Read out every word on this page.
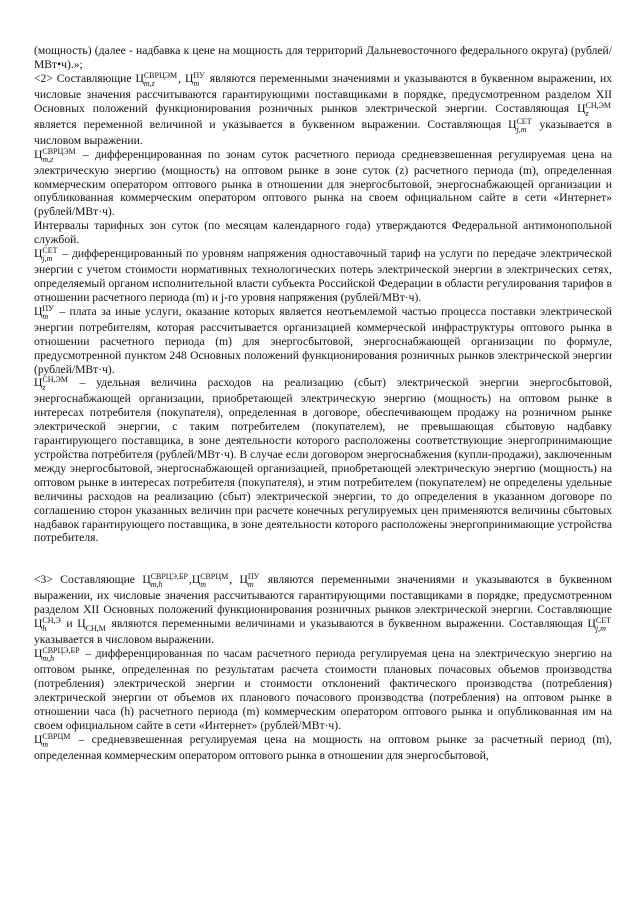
(мощность) (далее - надбавка к цене на мощность для территорий Дальневосточного федерального округа) (рублей/МВт•ч).»;
<2> Составляющие Ц СВРЦЭМ
m,z	, Ц ПУ
m являются переменными значениями и указываются в буквенном выражении, их числовые значения рассчитываются гарантирующими поставщиками в порядке, предусмотренном разделом XII Основных положений функционирования розничных рынков электрической энергии. Составляющая Ц СН,ЭМ
z
является переменной величиной и указывается в буквенном выражении. Составляющая Ц СЕТ
j,m указывается в числовом выражении.
Ц СВРЦЭМ
m,z	– дифференцированная по зонам суток расчетного периода средневзвешенная регулируемая цена на электрическую энергию (мощность) на оптовом рынке в зоне суток (z) расчетного периода (m), определенная коммерческим оператором оптового рынка в отношении для энергосбытовой, энергоснабжающей организации и опубликованная коммерческим оператором оптового рынка на своем официальном сайте в сети «Интернет» (рублей/МВт·ч).
Интервалы тарифных зон суток (по месяцам календарного года) утверждаются Федеральной антимонопольной службой.
Ц СЕТ
j,m – дифференцированный по уровням напряжения одноставочный тариф на услуги по передаче электрической энергии с учетом стоимости нормативных технологических потерь электрической энергии в электрических сетях, определяемый органом исполнительной власти субъекта Российской Федерации в области регулирования тарифов в отношении расчетного периода (m) и j-го уровня напряжения (рублей/МВт·ч).
Ц ПУ
m – плата за иные услуги, оказание которых является неотъемлемой частью процесса поставки электрической энергии потребителям, которая рассчитывается организацией коммерческой инфраструктуры оптового рынка в отношении расчетного периода (m) для энергосбытовой, энергоснабжающей организации по формуле, предусмотренной пунктом 248 Основных положений функционирования розничных рынков электрической энергии (рублей/МВт·ч).
Ц СН,ЭМ
z	– удельная величина расходов на реализацию (сбыт) электрической энергии энергосбытовой, энергоснабжающей организации, приобретающей электрическую энергию (мощность) на оптовом рынке в интересах потребителя (покупателя), определенная в договоре, обеспечивающем продажу на розничном рынке электрической энергии, с таким потребителем (покупателем), не превышающая сбытовую надбавку гарантирующего поставщика, в зоне деятельности которого расположены соответствующие энергопринимающие устройства потребителя (рублей/МВт·ч). В случае если договором энергоснабжения (купли-продажи), заключенным между энергосбытовой, энергоснабжающей организацией, приобретающей электрическую энергию (мощность) на оптовом рынке в интересах потребителя (покупателя), и этим потребителем (покупателем) не определены удельные величины расходов на реализацию (сбыт) электрической энергии, то до определения в указанном договоре по соглашению сторон указанных величин при расчете конечных регулируемых цен применяются величины сбытовых надбавок гарантирующего поставщика, в зоне деятельности которого расположены энергопринимающие устройства потребителя.
<3> Составляющие Ц СВРЦЭ,БР
m,h	,Ц СВРЦМ
m	, Ц ПУ
m являются переменными значениями и указываются в буквенном выражении, их числовые значения рассчитываются гарантирующими поставщиками в порядке, предусмотренном разделом XII Основных положений функционирования розничных рынков электрической энергии. Составляющие Ц СН,Э
h	и Ц СН,М являются переменными величинами и указываются в буквенном выражении. Составляющая Ц СЕТ
j,m
указывается в числовом выражении.
Ц СВРЦЭ,БР
m,h	– дифференцированная по часам расчетного периода регулируемая цена на электрическую энергию на оптовом рынке, определенная по результатам расчета стоимости плановых почасовых объемов производства (потребления) электрической энергии и стоимости отклонений фактического производства (потребления) электрической энергии от объемов их планового почасового производства (потребления) на оптовом рынке в отношении часа (h) расчетного периода (m) коммерческим оператором оптового рынка и опубликованная им на своем официальном сайте в сети «Интернет» (рублей/МВт·ч).
Ц СВРЦМ
m	– средневзвешенная регулируемая цена на мощность на оптовом рынке за расчетный период (m), определенная коммерческим оператором оптового рынка в отношении для энергосбытовой,
